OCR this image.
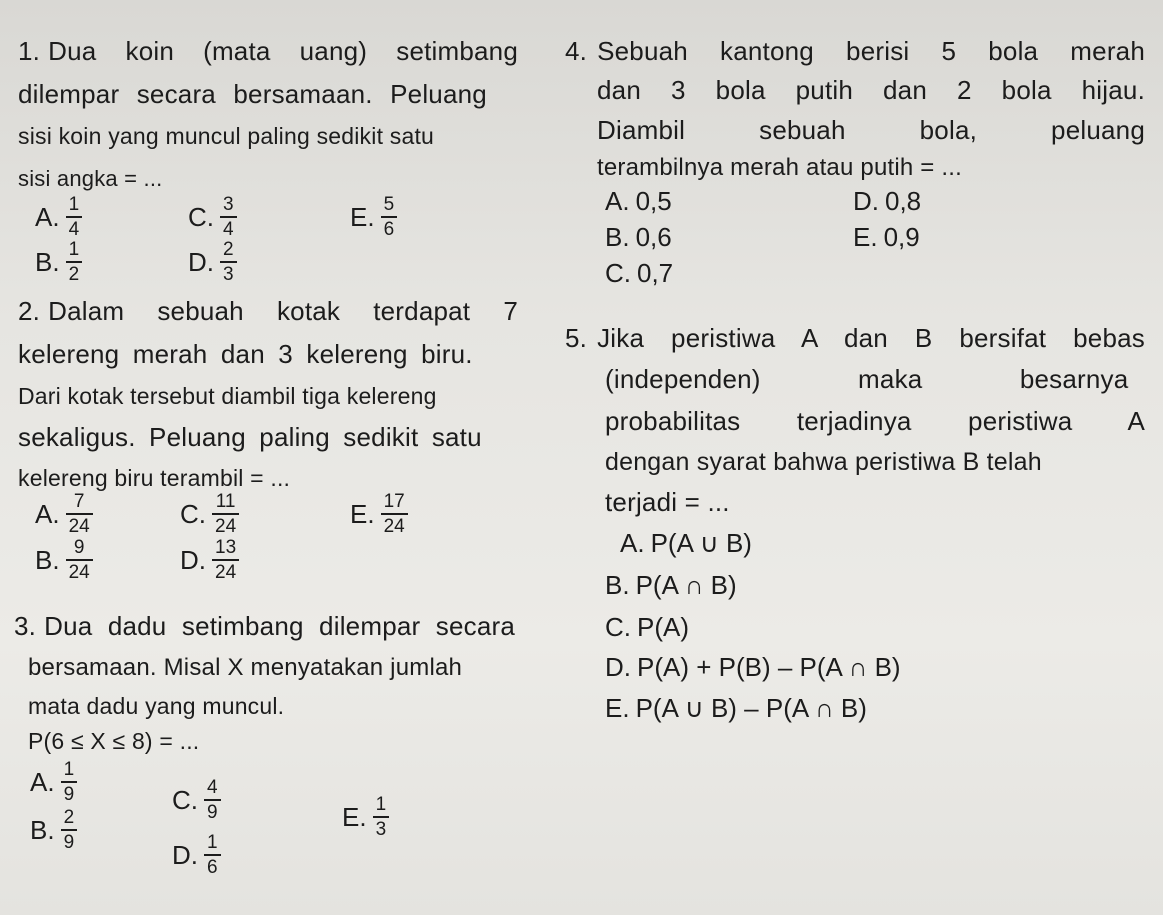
1. Dua koin (mata uang) setimbang
dilempar secara bersamaan. Peluang
sisi koin yang muncul paling sedikit satu
sisi angka = ...
A. $\frac{1}{4}$
B. $\frac{1}{2}$
C. $\frac{3}{4}$
D. $\frac{2}{3}$
E. $\frac{5}{6}$
2. Dalam sebuah kotak terdapat 7
kelereng merah dan 3 kelereng biru.
Dari kotak tersebut diambil tiga kelereng
sekaligus. Peluang paling sedikit satu
kelereng biru terambil = ...
A. $\frac{7}{24}$
B. $\frac{9}{24}$
C. $\frac{11}{24}$
D. $\frac{13}{24}$
E. $\frac{17}{24}$
3. Dua dadu setimbang dilempar secara
bersamaan. Misal X menyatakan jumlah
mata dadu yang muncul.
P(6 ≤ X ≤ 8) = ...
A. $\frac{1}{9}$
B. $\frac{2}{9}$
C. $\frac{4}{9}$
D. $\frac{1}{6}$
E. $\frac{1}{3}$
4. Sebuah kantong berisi 5 bola merah
dan 3 bola putih dan 2 bola hijau.
Diambil sebuah bola, peluang
terambilnya merah atau putih = ...
A. 0,5
B. 0,6
C. 0,7
D. 0,8
E. 0,9
5. Jika peristiwa A dan B bersifat bebas
(independen) maka besarnya
probabilitas terjadinya peristiwa A
dengan syarat bahwa peristiwa B telah
terjadi = ...
A. P(A ∪ B)
B. P(A ∩ B)
C. P(A)
D. P(A) + P(B) – P(A ∩ B)
E. P(A ∪ B) – P(A ∩ B)
